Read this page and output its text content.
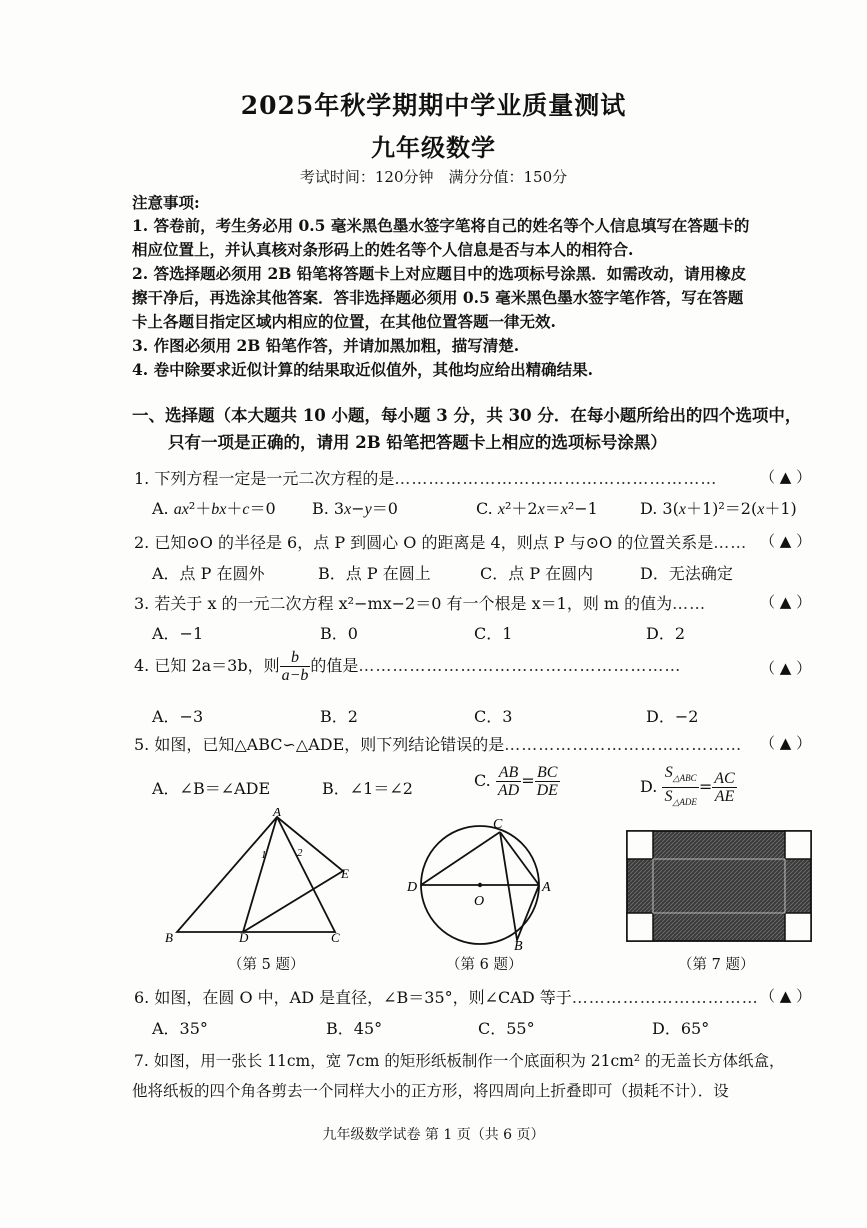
2025年秋学期期中学业质量测试
九年级数学
考试时间：120分钟　满分分值：150分
注意事项:
1. 答卷前，考生务必用 0.5 毫米黑色墨水签字笔将自己的姓名等个人信息填写在答题卡的
相应位置上，并认真核对条形码上的姓名等个人信息是否与本人的相符合.
2. 答选择题必须用 2B 铅笔将答题卡上对应题目中的选项标号涂黑．如需改动，请用橡皮
擦干净后，再选涂其他答案．答非选择题必须用 0.5 毫米黑色墨水签字笔作答，写在答题
卡上各题目指定区域内相应的位置，在其他位置答题一律无效.
3. 作图必须用 2B 铅笔作答，并请加黑加粗，描写清楚.
4. 卷中除要求近似计算的结果取近似值外，其他均应给出精确结果.
一、选择题（本大题共 10 小题，每小题 3 分，共 30 分．在每小题所给出的四个选项中，
只有一项是正确的，请用 2B 铅笔把答题卡上相应的选项标号涂黑）
1. 下列方程一定是一元二次方程的是…………………………………………………	（ ▲ ）
A. ax²＋bx＋c＝0 B. 3x−y＝0	C. x²＋2x＝x²−1	D. 3(x＋1)²＝2(x＋1)
2. 已知⊙O 的半径是 6，点 P 到圆心 O 的距离是 4，则点 P 与⊙O 的位置关系是…… （ ▲ ）
A．点 P 在圆外	B．点 P 在圆上	C．点 P 在圆内	D．无法确定
3. 若关于 x 的一元二次方程 x²−mx−2＝0 有一个根是 x＝1，则 m 的值为……	（ ▲ ）
A．−1	B．0	C．1	D．2
4. 已知 2a＝3b，则 $\frac{b}{a-b}$ 的值是…………………………………………………	（ ▲ ）
A．−3	B．2	C．3	D．−2
5. 如图，已知△ABC∽△ADE，则下列结论错误的是…………………………………… （ ▲ ）
A．∠B＝∠ADE	B．∠1＝∠2	C. $\frac{AB}{AD} = \frac{BC}{DE}$	D. $\frac{S_{\triangle ABC}}{S_{\triangle ADE}} = \frac{AC}{AE}$
A
B	D	C
E
1	2
（第 5 题）
C
D
O
A
B
（第 6 题）	（第 7 题）
6. 如图，在圆 O 中，AD 是直径，∠B＝35°，则∠CAD 等于…………………………… （ ▲ ）
A．35°	B．45°	C．55°	D．65°
7. 如图，用一张长 11cm，宽 7cm 的矩形纸板制作一个底面积为 21cm² 的无盖长方体纸盒，
他将纸板的四个角各剪去一个同样大小的正方形，将四周向上折叠即可（损耗不计）．设
九年级数学试卷 第 1 页（共 6 页）
